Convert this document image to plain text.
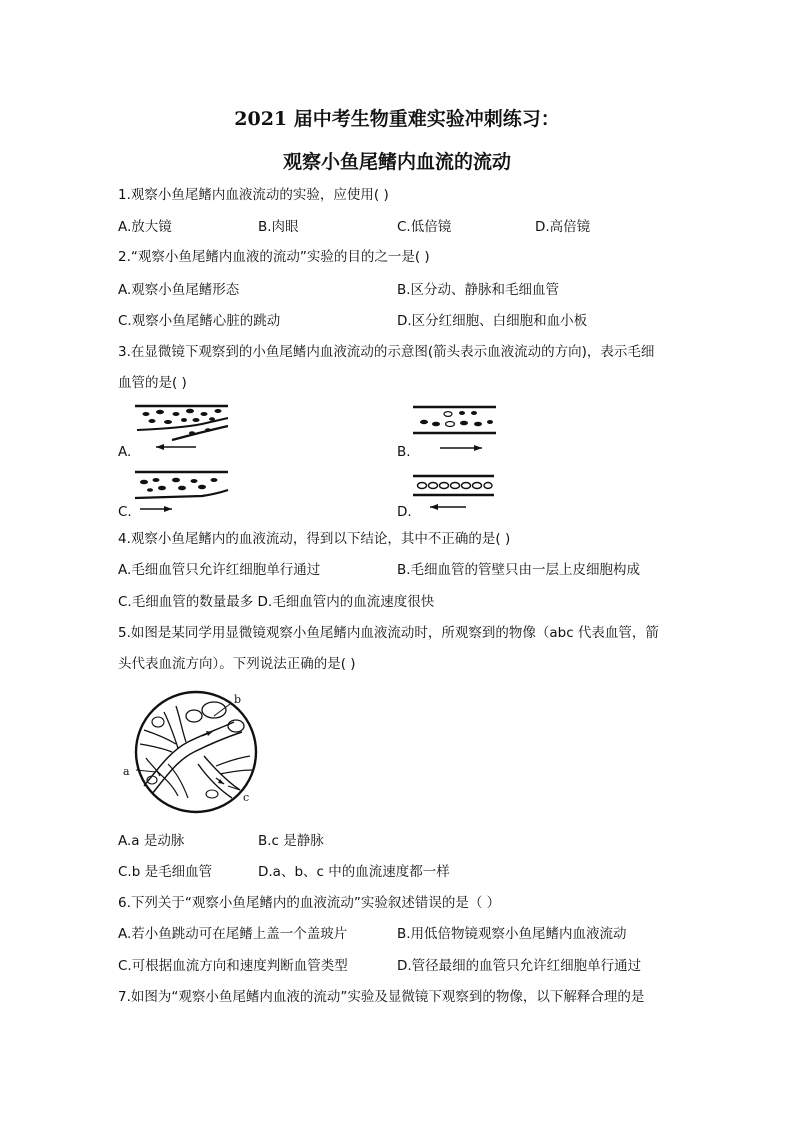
2021 届中考生物重难实验冲刺练习：
观察小鱼尾鳍内血流的流动
1.观察小鱼尾鳍内血液流动的实验，应使用( )
A.放大镜	B.肉眼	C.低倍镜	D.高倍镜
2.“观察小鱼尾鳍内血液的流动”实验的目的之一是( )
A.观察小鱼尾鳍形态	B.区分动、静脉和毛细血管
C.观察小鱼尾鳍心脏的跳动	D.区分红细胞、白细胞和血小板
3.在显微镜下观察到的小鱼尾鳍内血液流动的示意图(箭头表示血液流动的方向)，表示毛细
血管的是( )
A.	B.
C.	D.
4.观察小鱼尾鳍内的血液流动，得到以下结论，其中不正确的是( )
A.毛细血管只允许红细胞单行通过	B.毛细血管的管壁只由一层上皮细胞构成
C.毛细血管的数量最多 D.毛细血管内的血流速度很快
5.如图是某同学用显微镜观察小鱼尾鳍内血液流动时，所观察到的物像（abc 代表血管，箭
头代表血流方向）。下列说法正确的是( )
b
a
c
A.a 是动脉	B.c 是静脉
C.b 是毛细血管	D.a、b、c 中的血流速度都一样
6.下列关于“观察小鱼尾鳍内的血液流动”实验叙述错误的是（ ）
A.若小鱼跳动可在尾鳍上盖一个盖玻片	B.用低倍物镜观察小鱼尾鳍内血液流动
C.可根据血流方向和速度判断血管类型	D.管径最细的血管只允许红细胞单行通过
7.如图为“观察小鱼尾鳍内血液的流动”实验及显微镜下观察到的物像，以下解释合理的是
